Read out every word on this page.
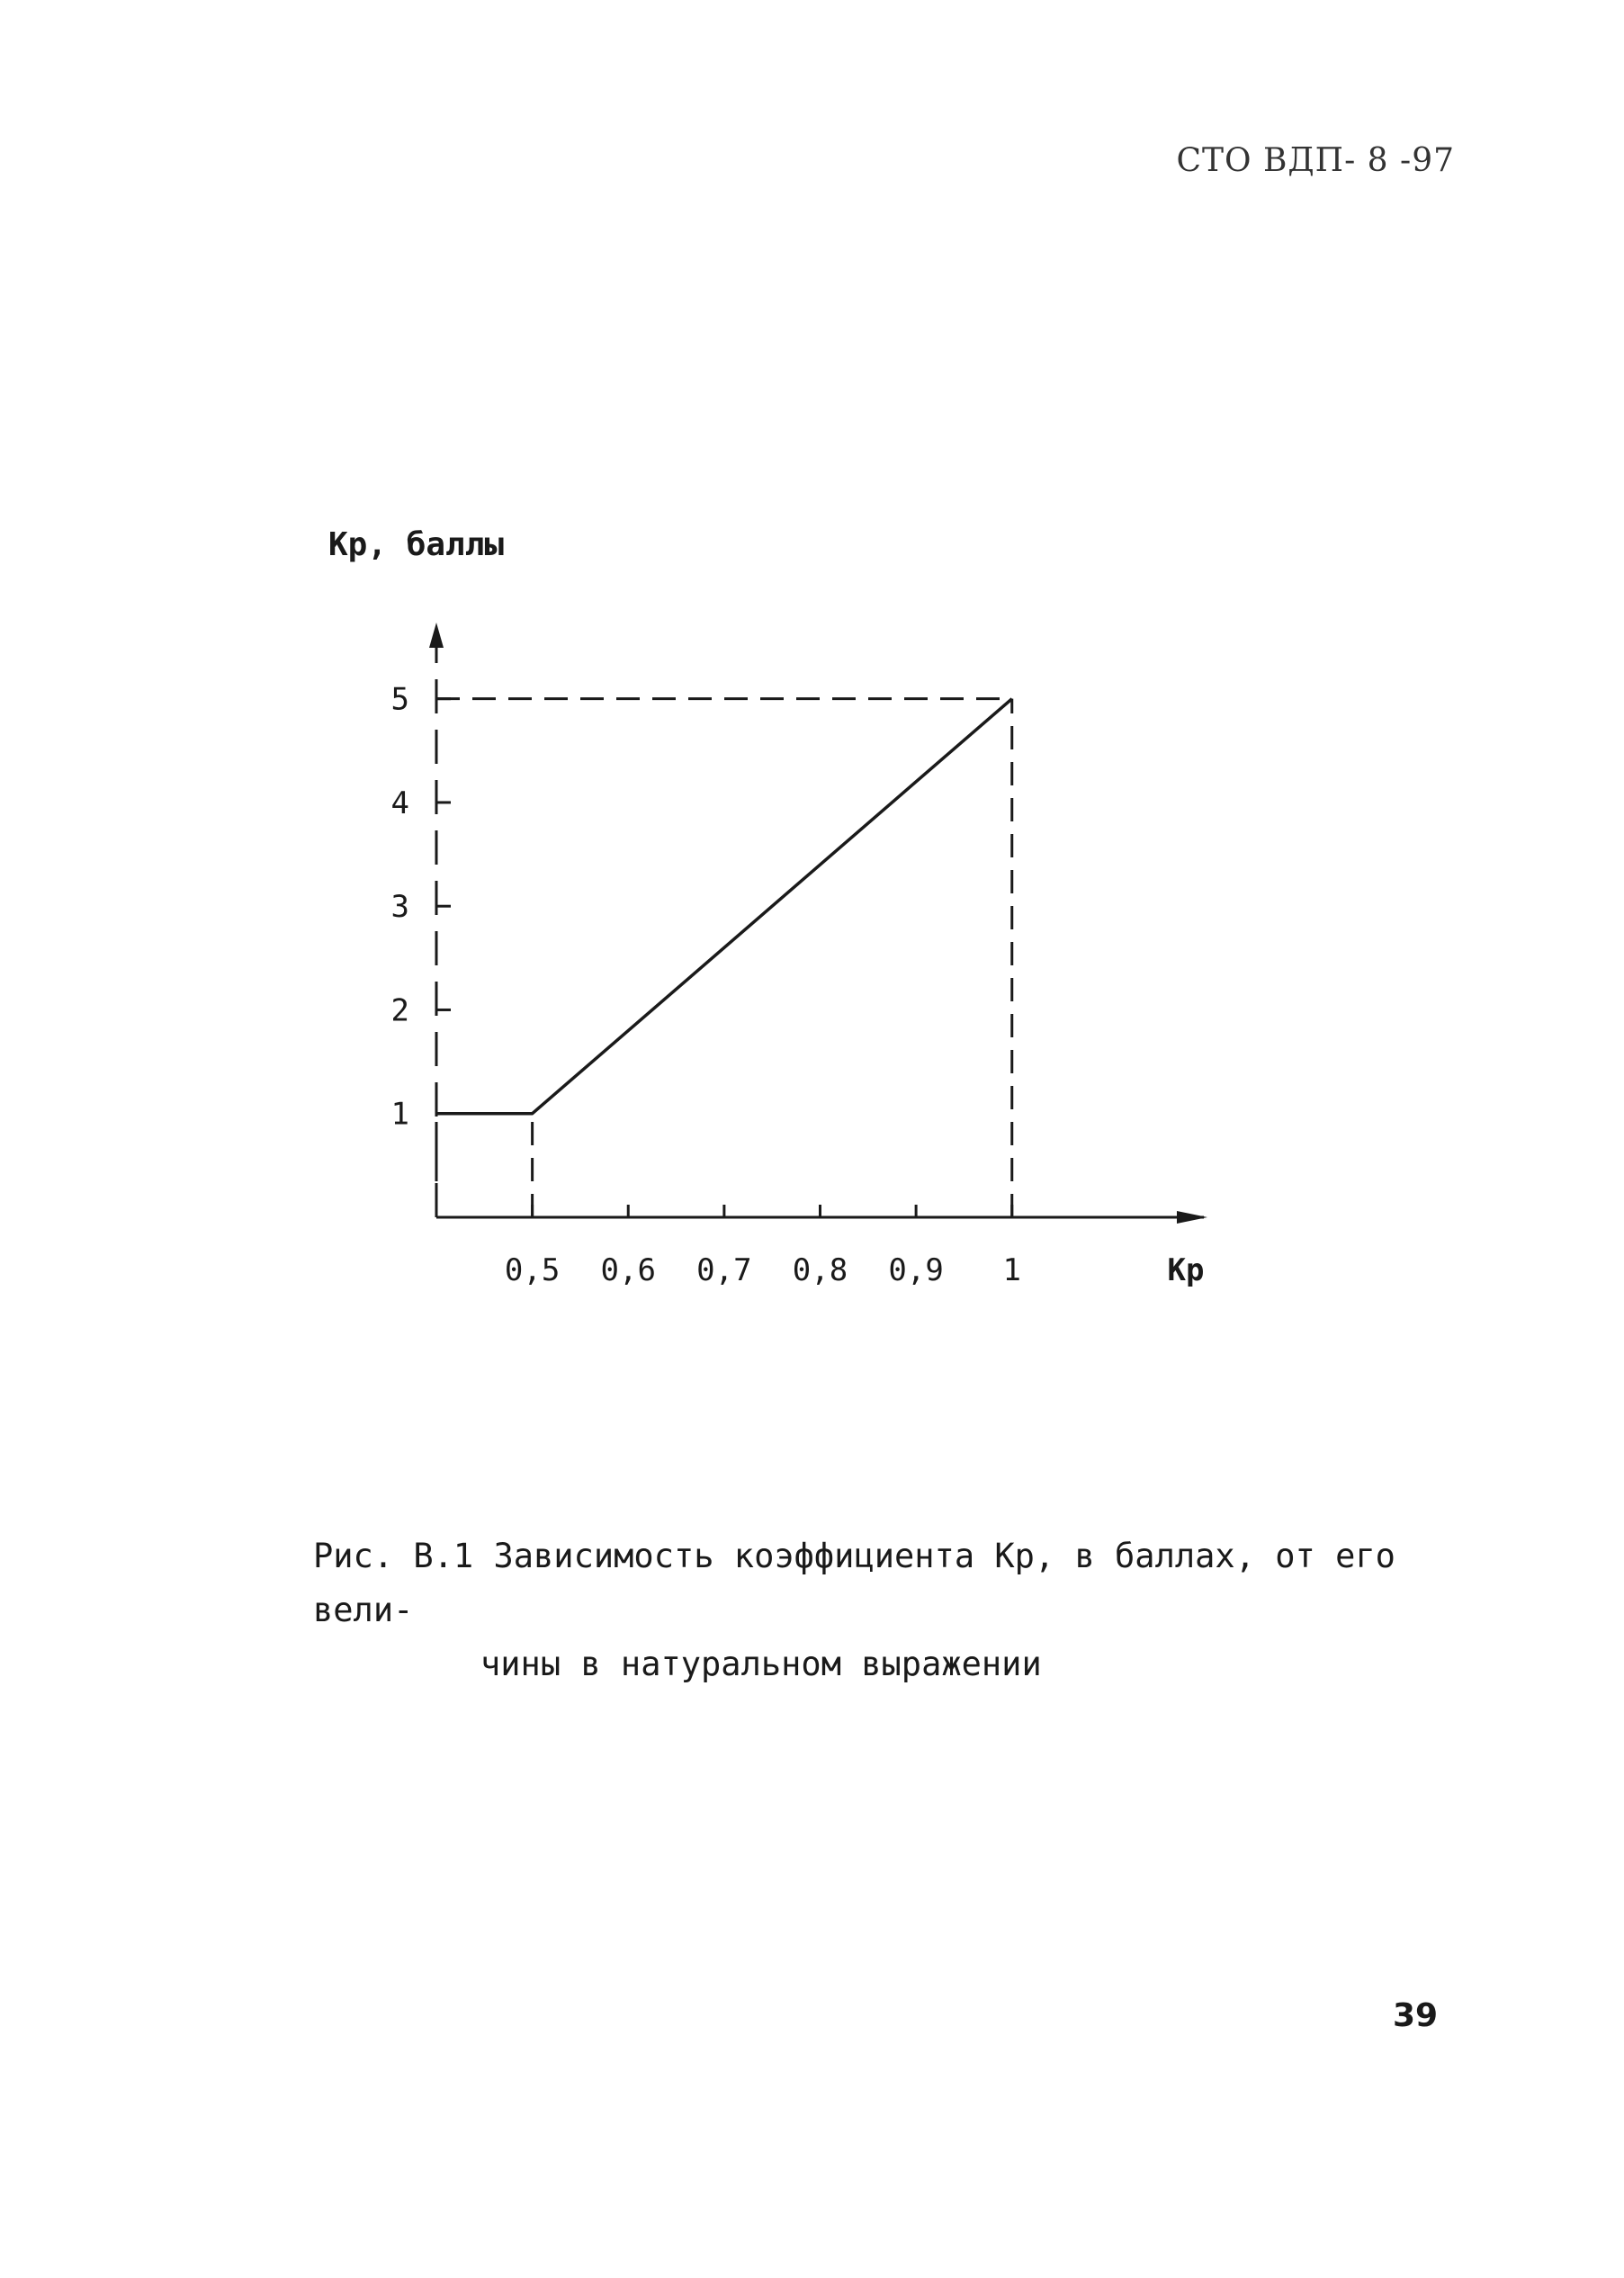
СТО ВДП- 8 -97
Кр, баллы
1
2
3
4
5
0,5 0,6 0,7 0,8 0,9 1	Кр
Рис. В.1 Зависимость коэффициента Кр, в баллах, от его вели-
чины в натуральном выражении
39
